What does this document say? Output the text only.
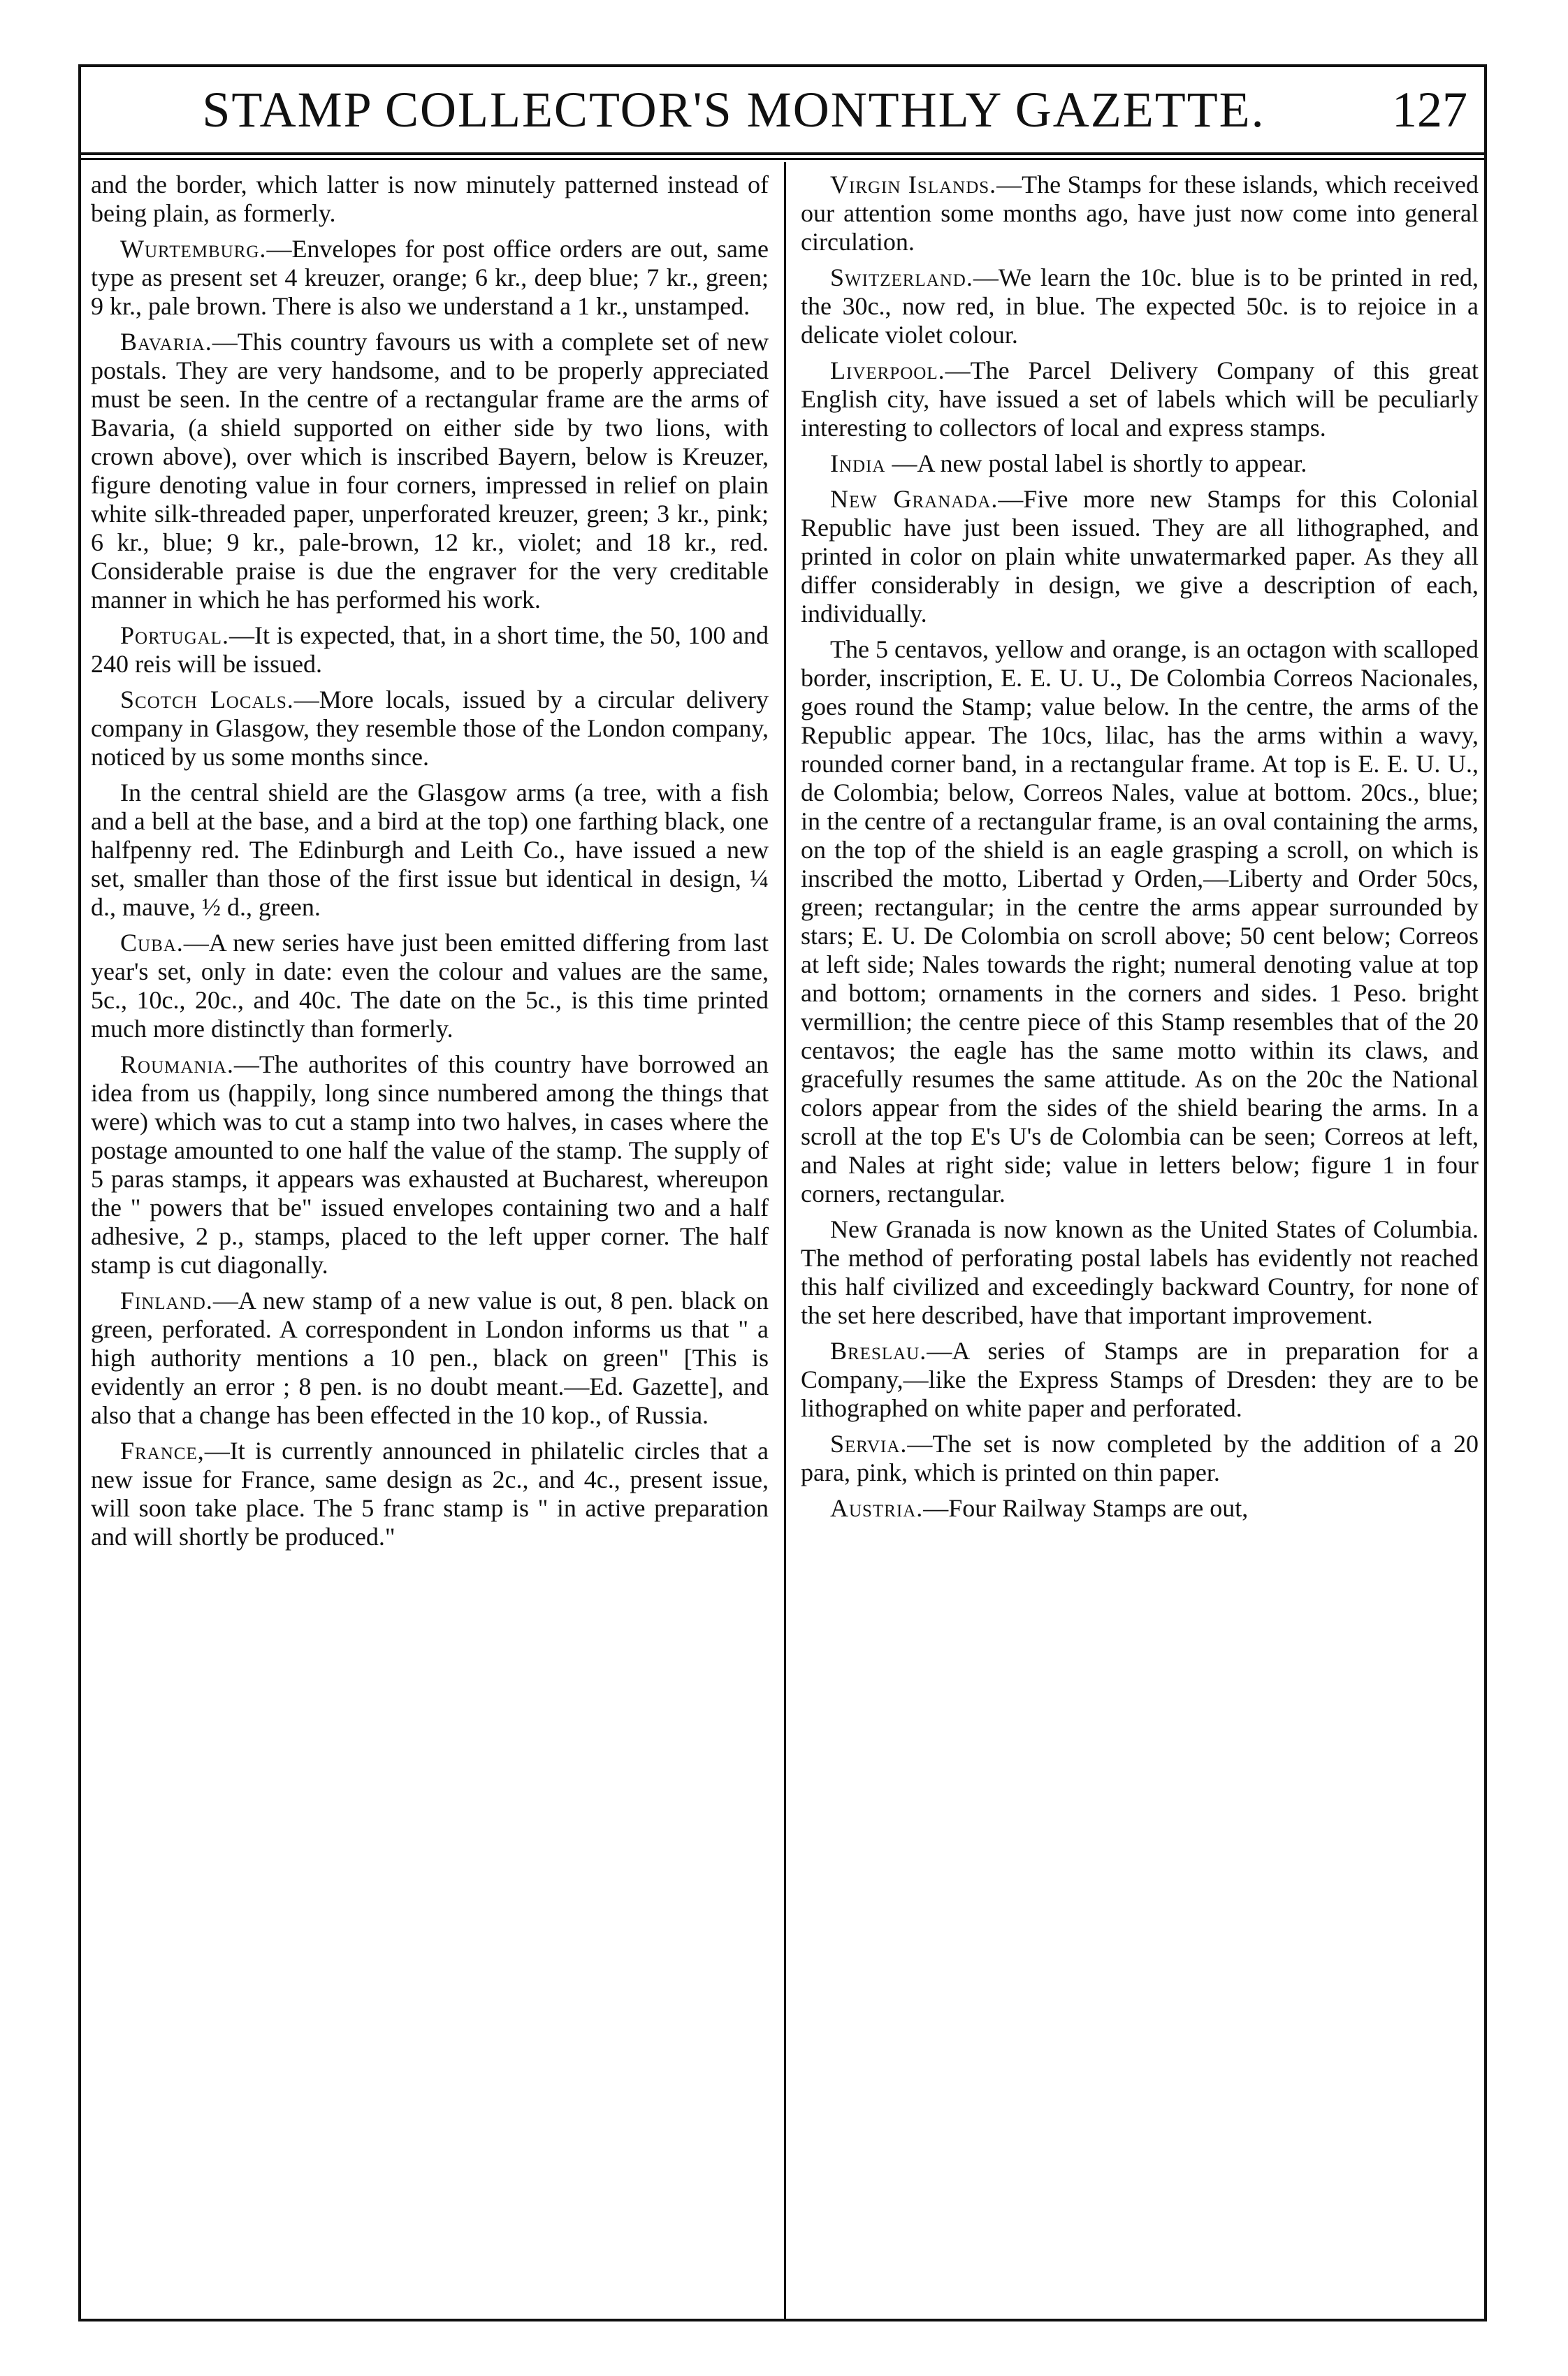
STAMP COLLECTOR'S MONTHLY GAZETTE.	127

and the border, which latter is now minutely patterned instead of being plain, as formerly.

Wurtemburg.—Envelopes for post office orders are out, same type as present set 4 kreuzer, orange; 6 kr., deep blue; 7 kr., green; 9 kr., pale brown. There is also we understand a 1 kr., unstamped.

Bavaria.—This country favours us with a complete set of new postals. They are very handsome, and to be properly appreciated must be seen. In the centre of a rectangular frame are the arms of Bavaria, (a shield supported on either side by two lions, with crown above), over which is inscribed Bayern, below is Kreuzer, figure denoting value in four corners, impressed in relief on plain white silk-threaded paper, unperforated kreuzer, green; 3 kr., pink; 6 kr., blue; 9 kr., pale-brown, 12 kr., violet; and 18 kr., red. Considerable praise is due the engraver for the very creditable manner in which he has performed his work.

Portugal.—It is expected, that, in a short time, the 50, 100 and 240 reis will be issued.

Scotch Locals.—More locals, issued by a circular delivery company in Glasgow, they resemble those of the London company, noticed by us some months since.

In the central shield are the Glasgow arms (a tree, with a fish and a bell at the base, and a bird at the top) one farthing black, one halfpenny red. The Edinburgh and Leith Co., have issued a new set, smaller than those of the first issue but identical in design, ¼ d., mauve, ½ d., green.

Cuba.—A new series have just been emitted differing from last year's set, only in date: even the colour and values are the same, 5c., 10c., 20c., and 40c. The date on the 5c., is this time printed much more distinctly than formerly.

Roumania.—The authorites of this country have borrowed an idea from us (happily, long since numbered among the things that were) which was to cut a stamp into two halves, in cases where the postage amounted to one half the value of the stamp. The supply of 5 paras stamps, it appears was exhausted at Bucharest, whereupon the " powers that be" issued envelopes containing two and a half adhesive, 2 p., stamps, placed to the left upper corner. The half stamp is cut diagonally.

Finland.—A new stamp of a new value is out, 8 pen. black on green, perforated. A correspondent in London informs us that " a high authority mentions a 10 pen., black on green" [This is evidently an error ; 8 pen. is no doubt meant.—Ed. Gazette], and also that a change has been effected in the 10 kop., of Russia.

France,—It is currently announced in philatelic circles that a new issue for France, same design as 2c., and 4c., present issue, will soon take place. The 5 franc stamp is " in active preparation and will shortly be produced."

Virgin Islands.—The Stamps for these islands, which received our attention some months ago, have just now come into general circulation.

Switzerland.—We learn the 10c. blue is to be printed in red, the 30c., now red, in blue. The expected 50c. is to rejoice in a delicate violet colour.

Liverpool.—The Parcel Delivery Company of this great English city, have issued a set of labels which will be peculiarly interesting to collectors of local and express stamps.

India —A new postal label is shortly to appear.

New Granada.—Five more new Stamps for this Colonial Republic have just been issued. They are all lithographed, and printed in color on plain white unwatermarked paper. As they all differ considerably in design, we give a description of each, individually.

The 5 centavos, yellow and orange, is an octagon with scalloped border, inscription, E. E. U. U., De Colombia Correos Nacionales, goes round the Stamp; value below. In the centre, the arms of the Republic appear. The 10cs, lilac, has the arms within a wavy, rounded corner band, in a rectangular frame. At top is E. E. U. U., de Colombia; below, Correos Nales, value at bottom. 20cs., blue; in the centre of a rectangular frame, is an oval containing the arms, on the top of the shield is an eagle grasping a scroll, on which is inscribed the motto, Libertad y Orden,—Liberty and Order 50cs, green; rectangular; in the centre the arms appear surrounded by stars; E. U. De Colombia on scroll above; 50 cent below; Correos at left side; Nales towards the right; numeral denoting value at top and bottom; ornaments in the corners and sides. 1 Peso. bright vermillion; the centre piece of this Stamp resembles that of the 20 centavos; the eagle has the same motto within its claws, and gracefully resumes the same attitude. As on the 20c the National colors appear from the sides of the shield bearing the arms. In a scroll at the top E's U's de Colombia can be seen; Correos at left, and Nales at right side; value in letters below; figure 1 in four corners, rectangular.

New Granada is now known as the United States of Columbia. The method of perforating postal labels has evidently not reached this half civilized and exceedingly backward Country, for none of the set here described, have that important improvement.

Breslau.—A series of Stamps are in preparation for a Company,—like the Express Stamps of Dresden: they are to be lithographed on white paper and perforated.

Servia.—The set is now completed by the addition of a 20 para, pink, which is printed on thin paper.

Austria.—Four Railway Stamps are out,
